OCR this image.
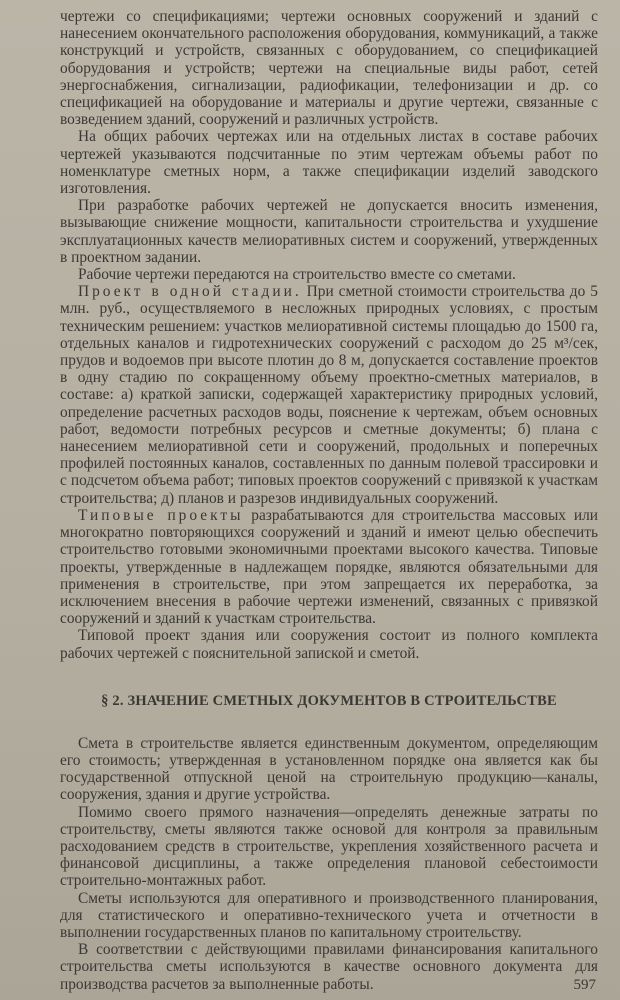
чертежи со спецификациями; чертежи основных сооружений и зданий с нанесением окончательного расположения оборудования, коммуникаций, а также конструкций и устройств, связанных с оборудованием, со спецификацией оборудования и устройств; чертежи на специальные виды работ, сетей энергоснабжения, сигнализации, радиофикации, телефонизации и др. со спецификацией на оборудование и материалы и другие чертежи, связанные с возведением зданий, сооружений и различных устройств.

На общих рабочих чертежах или на отдельных листах в составе рабочих чертежей указываются подсчитанные по этим чертежам объемы работ по номенклатуре сметных норм, а также спецификации изделий заводского изготовления.

При разработке рабочих чертежей не допускается вносить изменения, вызывающие снижение мощности, капитальности строительства и ухудшение эксплуатационных качеств мелиоративных систем и сооружений, утвержденных в проектном задании.

Рабочие чертежи передаются на строительство вместе со сметами.

Проект в одной стадии. При сметной стоимости строительства до 5 млн. руб., осуществляемого в несложных природных условиях, с простым техническим решением: участков мелиоративной системы площадью до 1500 га, отдельных каналов и гидротехнических сооружений с расходом до 25 м³/сек, прудов и водоемов при высоте плотин до 8 м, допускается составление проектов в одну стадию по сокращенному объему проектно-сметных материалов, в составе: а) краткой записки, содержащей характеристику природных условий, определение расчетных расходов воды, пояснение к чертежам, объем основных работ, ведомости потребных ресурсов и сметные документы; б) плана с нанесением мелиоративной сети и сооружений, продольных и поперечных профилей постоянных каналов, составленных по данным полевой трассировки и с подсчетом объема работ; типовых проектов сооружений с привязкой к участкам строительства; д) планов и разрезов индивидуальных сооружений.

Типовые проекты разрабатываются для строительства массовых или многократно повторяющихся сооружений и зданий и имеют целью обеспечить строительство готовыми экономичными проектами высокого качества. Типовые проекты, утвержденные в надлежащем порядке, являются обязательными для применения в строительстве, при этом запрещается их переработка, за исключением внесения в рабочие чертежи изменений, связанных с привязкой сооружений и зданий к участкам строительства.

Типовой проект здания или сооружения состоит из полного комплекта рабочих чертежей с пояснительной запиской и сметой.

§ 2. ЗНАЧЕНИЕ СМЕТНЫХ ДОКУМЕНТОВ В СТРОИТЕЛЬСТВЕ

Смета в строительстве является единственным документом, определяющим его стоимость; утвержденная в установленном порядке она является как бы государственной отпускной ценой на строительную продукцию—каналы, сооружения, здания и другие устройства.

Помимо своего прямого назначения—определять денежные затраты по строительству, сметы являются также основой для контроля за правильным расходованием средств в строительстве, укрепления хозяйственного расчета и финансовой дисциплины, а также определения плановой себестоимости строительно-монтажных работ.

Сметы используются для оперативного и производственного планирования, для статистического и оперативно-технического учета и отчетности в выполнении государственных планов по капитальному строительству.

В соответствии с действующими правилами финансирования капитального строительства сметы используются в качестве основного документа для производства расчетов за выполненные работы.	597
